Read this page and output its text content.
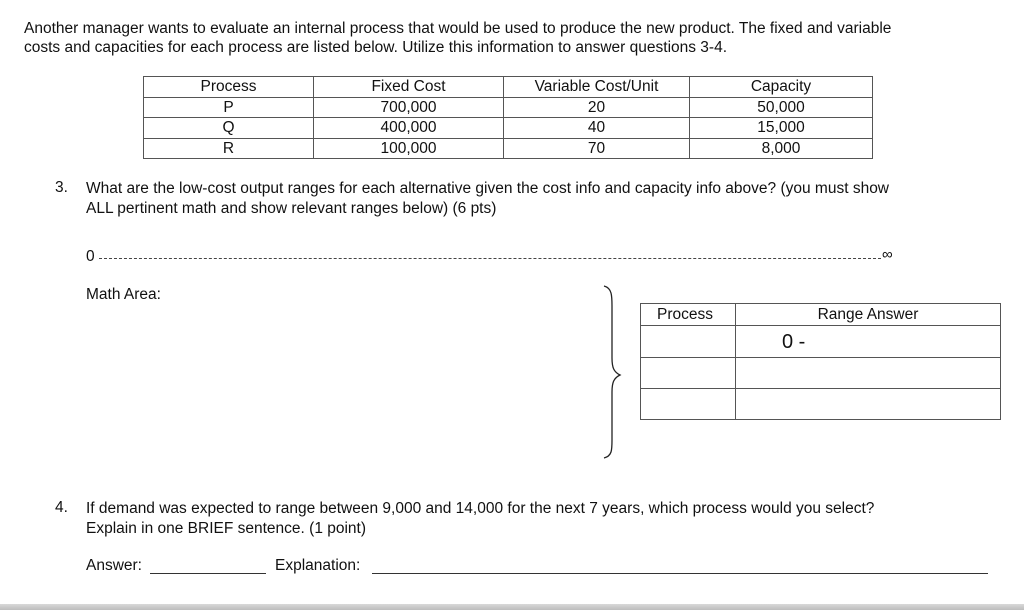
Another manager wants to evaluate an internal process that would be used to produce the new product. The fixed and variable
costs and capacities for each process are listed below. Utilize this information to answer questions 3-4.
Process	Fixed Cost	Variable Cost/Unit	Capacity
P	700,000	20	50,000
Q	400,000	40	15,000
R	100,000	70	8,000
3.	What are the low-cost output ranges for each alternative given the cost info and capacity info above? (you must show
ALL pertinent math and show relevant ranges below) (6 pts)
0	∞
Math Area:
Process	Range Answer
	0 -

4.	If demand was expected to range between 9,000 and 14,000 for the next 7 years, which process would you select?
Explain in one BRIEF sentence. (1 point)
Answer:	Explanation:
